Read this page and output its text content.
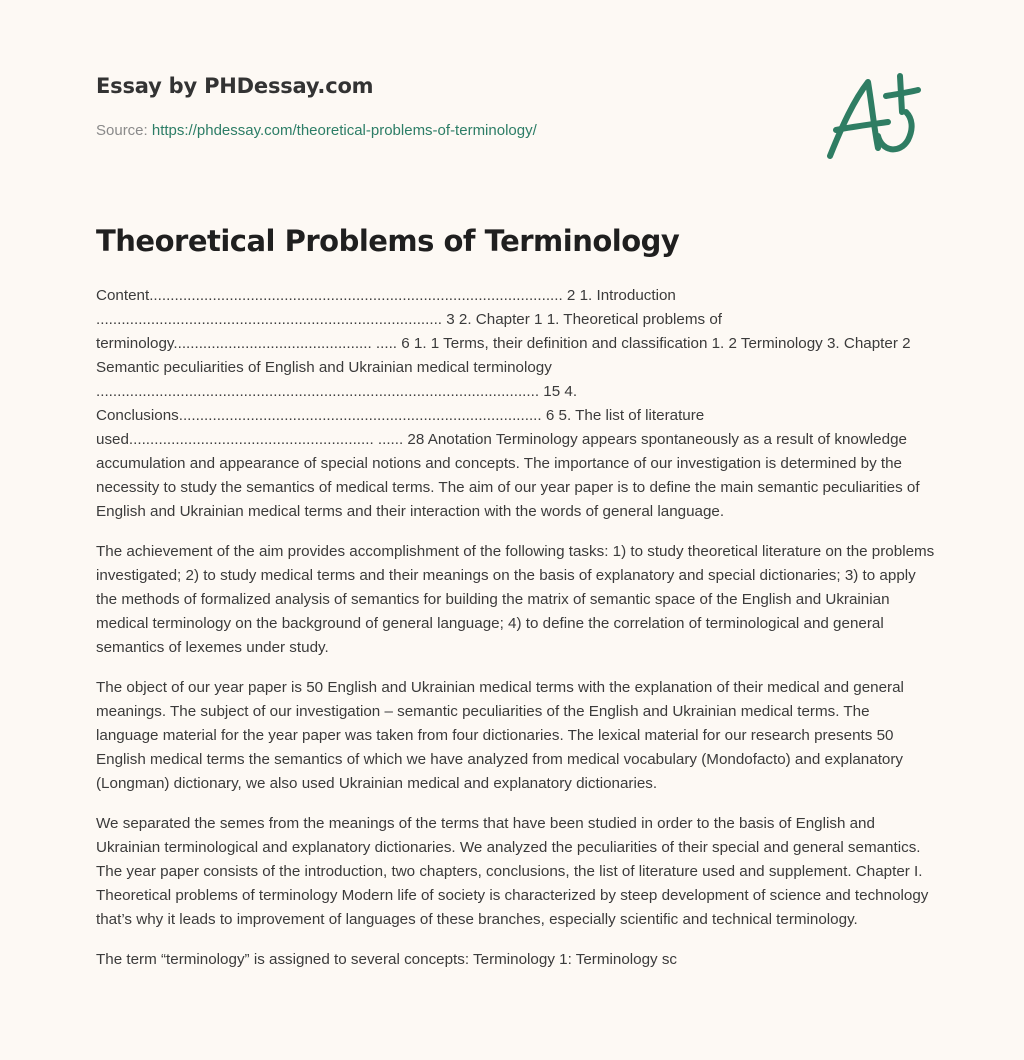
Essay by PHDessay.com
Source: https://phdessay.com/theoretical-problems-of-terminology/
Theoretical Problems of Terminology

Content.................................................................................................. 2 1. Introduction .................................................................................. 3 2. Chapter 1 1. Theoretical problems of terminology............................................... ..... 6 1. 1 Terms, their definition and classification 1. 2 Terminology 3. Chapter 2 Semantic peculiarities of English and Ukrainian medical terminology ......................................................................................................... 15 4. Conclusions...................................................................................... 6 5. The list of literature used.......................................................... ...... 28 Anotation Terminology appears spontaneously as a result of knowledge accumulation and appearance of special notions and concepts. The importance of our investigation is determined by the necessity to study the semantics of medical terms. The aim of our year paper is to define the main semantic peculiarities of English and Ukrainian medical terms and their interaction with the words of general language.

The achievement of the aim provides accomplishment of the following tasks: 1) to study theoretical literature on the problems investigated; 2) to study medical terms and their meanings on the basis of explanatory and special dictionaries; 3) to apply the methods of formalized analysis of semantics for building the matrix of semantic space of the English and Ukrainian medical terminology on the background of general language; 4) to define the correlation of terminological and general semantics of lexemes under study.

The object of our year paper is 50 English and Ukrainian medical terms with the explanation of their medical and general meanings. The subject of our investigation – semantic peculiarities of the English and Ukrainian medical terms. The language material for the year paper was taken from four dictionaries. The lexical material for our research presents 50 English medical terms the semantics of which we have analyzed from medical vocabulary (Mondofacto) and explanatory (Longman) dictionary, we also used Ukrainian medical and explanatory dictionaries.

We separated the semes from the meanings of the terms that have been studied in order to the basis of English and Ukrainian terminological and explanatory dictionaries. We analyzed the peculiarities of their special and general semantics. The year paper consists of the introduction, two chapters, conclusions, the list of literature used and supplement. Chapter I. Theoretical problems of terminology Modern life of society is characterized by steep development of science and technology that’s why it leads to improvement of languages of these branches, especially scientific and technical terminology.

The term “terminology” is assigned to several concepts: Terminology 1: Terminology sc
